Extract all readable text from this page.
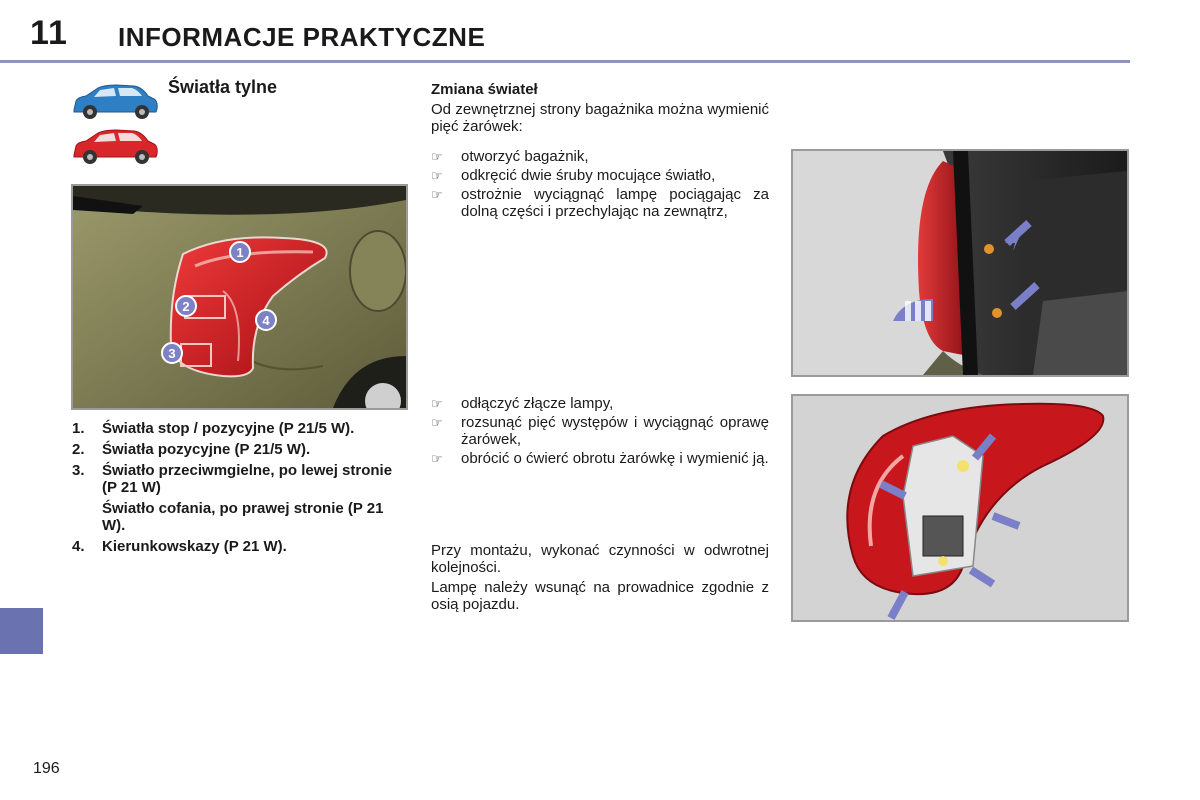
11 INFORMACJE PRAKTYCZNE
196
Światła tylne
1
2
3
4
1.	Światła stop / pozycyjne (P 21/5 W).
2.	Światła pozycyjne (P 21/5 W).
3.	Światło przeciwmgielne, po lewej stronie (P 21 W)
Światło cofania, po prawej stronie (P 21 W).
4.	Kierunkowskazy (P 21 W).
Zmiana świateł
Od zewnętrznej strony bagażnika można wymienić pięć żarówek:
☞	otworzyć bagażnik,
☞	odkręcić dwie śruby mocujące światło,
☞	ostrożnie wyciągnąć lampę pociągając za dolną części i przechylając na zewnątrz,
☞	odłączyć złącze lampy,
☞	rozsunąć pięć występów i wyciągnąć oprawę żarówek,
☞	obrócić o ćwierć obrotu żarówkę i wymienić ją.
Przy montażu, wykonać czynności w odwrotnej kolejności.
Lampę należy wsunąć na prowadnice zgodnie z osią pojazdu.
